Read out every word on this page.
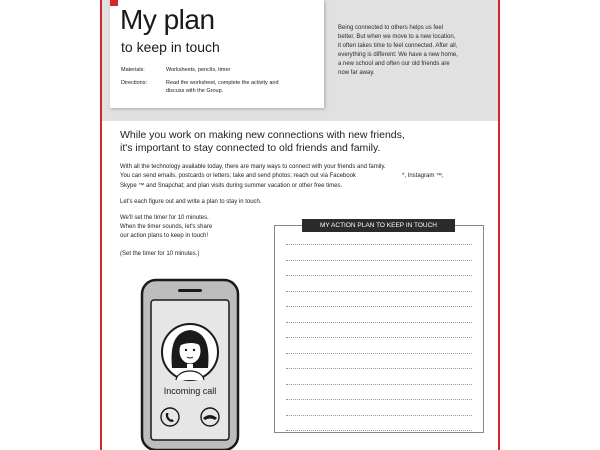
My plan
to keep in touch
Materials:	Worksheets, pencils, timer
Directions:	Read the worksheet, complete the activity and
discuss with the Group.
Being connected to others helps us feel
better. But when we move to a new location,
it often takes time to feel connected. After all,
everything is different: We have a new home,
a new school and often our old friends are
now far away.
While you work on making new connections with new friends,
it's important to stay connected to old friends and family.
With all the technology available today, there are many ways to connect with your friends and family.
You can send emails, postcards or letters; take and send photos; reach out via Facebook	*, Instagram ™,
Skype ™ and Snapchat; and plan visits during summer vacation or other free times.
Let's each figure out and write a plan to stay in touch.
We'll set the timer for 10 minutes.
When the timer sounds, let's share
our action plans to keep in touch!
(Set the timer for 10 minutes.)
MY ACTION PLAN TO KEEP IN TOUCH
Incoming call
